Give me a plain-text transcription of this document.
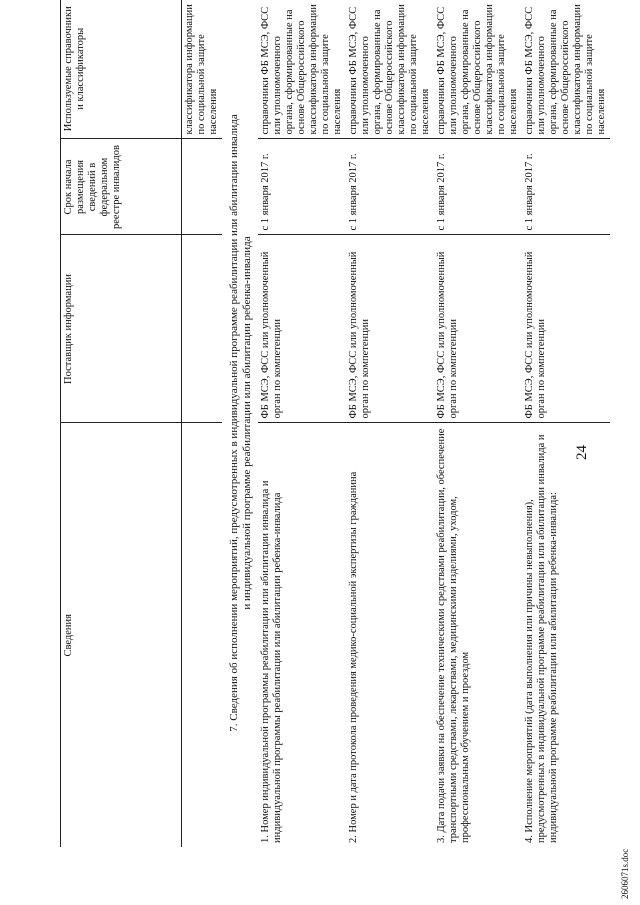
24
2606071s.doc
Сведения	Поставщик информации	Срок начала размещения сведений в федеральном реестре инвалидов	Используемые справочники и классификаторы
			классификатора информации по социальной защите населения

7. Сведения об исполнении мероприятий, предусмотренных в индивидуальной программе реабилитации или абилитации инвалида и индивидуальной программе реабилитации или абилитации ребенка-инвалида			

1. Номер индивидуальной программы реабилитации или абилитации инвалида и индивидуальной программы реабилитации или абилитации ребенка-инвалида	ФБ МСЭ, ФСС или уполномоченный орган по компетенции	с 1 января 2017 г.	справочники ФБ МСЭ, ФСС или уполномоченного органа, сформированные на основе Общероссийского классификатора информации по социальной защите населения
2. Номер и дата протокола проведения медико-социальной экспертизы гражданина	ФБ МСЭ, ФСС или уполномоченный орган по компетенции	с 1 января 2017 г.	справочники ФБ МСЭ, ФСС или уполномоченного органа, сформированные на основе Общероссийского классификатора информации по социальной защите населения
3. Дата подачи заявки на обеспечение техническими средствами реабилитации, обеспечение транспортными средствами, лекарствами, медицинскими изделиями, уходом, профессиональным обучением и проездом	ФБ МСЭ, ФСС или уполномоченный орган по компетенции	с 1 января 2017 г.	справочники ФБ МСЭ, ФСС или уполномоченного органа, сформированные на основе Общероссийского классификатора информации по социальной защите населения
4. Исполнение мероприятий (дата выполнения или причины невыполнения), предусмотренных в индивидуальной программе реабилитации или абилитации инвалида и индивидуальной программе реабилитации или абилитации ребенка-инвалида:	ФБ МСЭ, ФСС или уполномоченный орган по компетенции	с 1 января 2017 г.	справочники ФБ МСЭ, ФСС или уполномоченного органа, сформированные на основе Общероссийского классификатора информации по социальной защите населения
